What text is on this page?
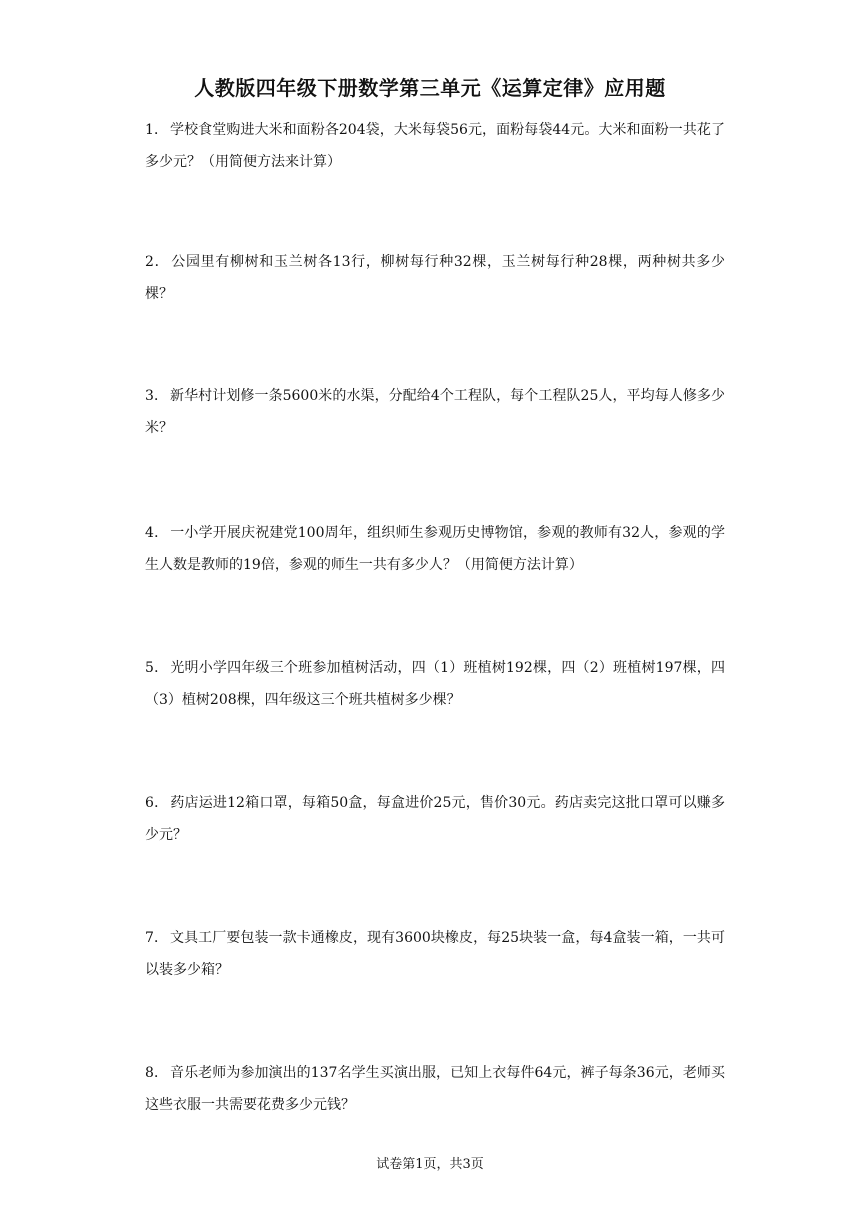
人教版四年级下册数学第三单元《运算定律》应用题
1． 学校食堂购进大米和面粉各204袋，大米每袋56元，面粉每袋44元。大米和面粉一共花了多少元？（用简便方法来计算）
2． 公园里有柳树和玉兰树各13行，柳树每行种32棵，玉兰树每行种28棵，两种树共多少棵？
3． 新华村计划修一条5600米的水渠，分配给4个工程队，每个工程队25人，平均每人修多少米？
4． 一小学开展庆祝建党100周年，组织师生参观历史博物馆，参观的教师有32人，参观的学生人数是教师的19倍，参观的师生一共有多少人？（用简便方法计算）
5． 光明小学四年级三个班参加植树活动，四（1）班植树192棵，四（2）班植树197棵，四（3）植树208棵，四年级这三个班共植树多少棵？
6． 药店运进12箱口罩，每箱50盒，每盒进价25元，售价30元。药店卖完这批口罩可以赚多少元？
7． 文具工厂要包装一款卡通橡皮，现有3600块橡皮，每25块装一盒，每4盒装一箱，一共可以装多少箱？
8． 音乐老师为参加演出的137名学生买演出服，已知上衣每件64元，裤子每条36元，老师买这些衣服一共需要花费多少元钱？
试卷第1页，共3页
